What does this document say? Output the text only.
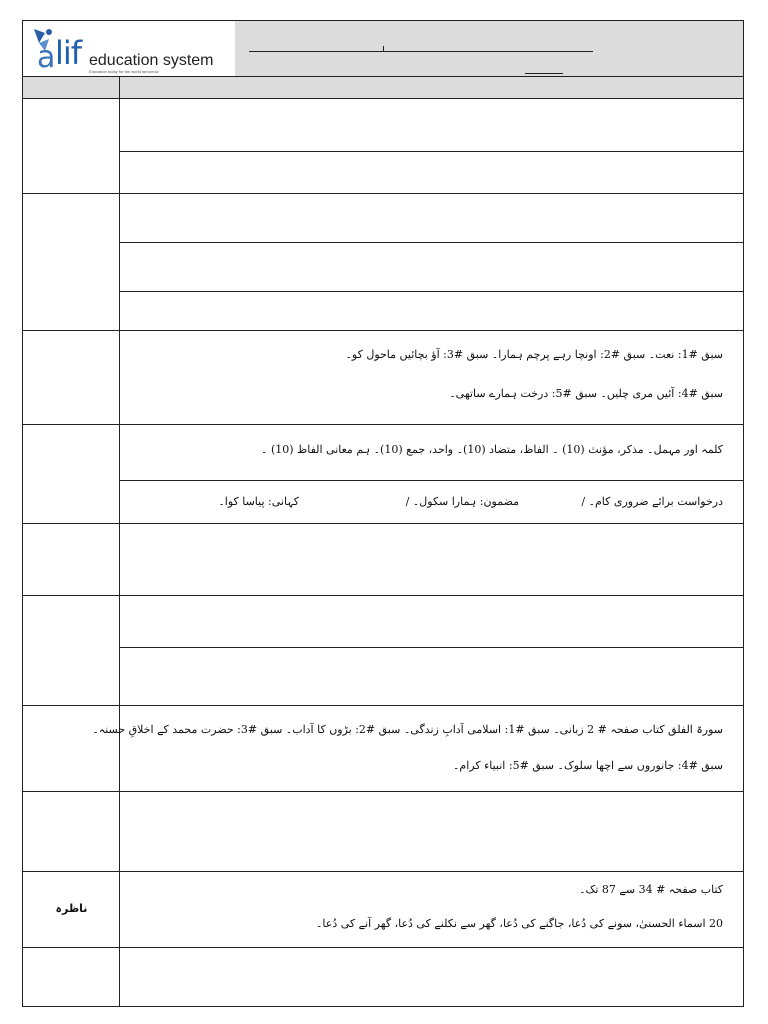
a lif education system
Education today for the world tomorrow
سبق #1: نعت۔ سبق #2: اونچا رہے پرچم ہمارا۔ سبق #3: آؤ بچائیں ماحول کو۔
سبق #4: آئیں مری چلیں۔ سبق #5: درخت ہمارے ساتھی۔
کلمہ اور مہمل۔ مذکر، مؤنث (10) ۔ الفاظ، متضاد (10)۔ واحد، جمع (10)۔ ہم معانی الفاظ (10) ۔
درخواست برائے ضروری کام۔ /
مضمون: ہمارا سکول۔ /
کہانی: پیاسا کوا۔
سورۃ الفلق کتاب صفحہ # 2 زبانی۔ سبق #1: اسلامی آدابِ زندگی۔ سبق #2: بڑوں کا آداب۔ سبق #3: حضرت محمد کے اخلاقِ حسنہ۔
سبق #4: جانوروں سے اچھا سلوک۔ سبق #5: انبیاء کرام۔
ناظرہ
کتاب صفحہ # 34 سے 87 تک۔
20 اسماء الحسنیٰ، سونے کی دُعا، جاگنے کی دُعا، گھر سے نکلنے کی دُعا، گھر آنے کی دُعا۔
